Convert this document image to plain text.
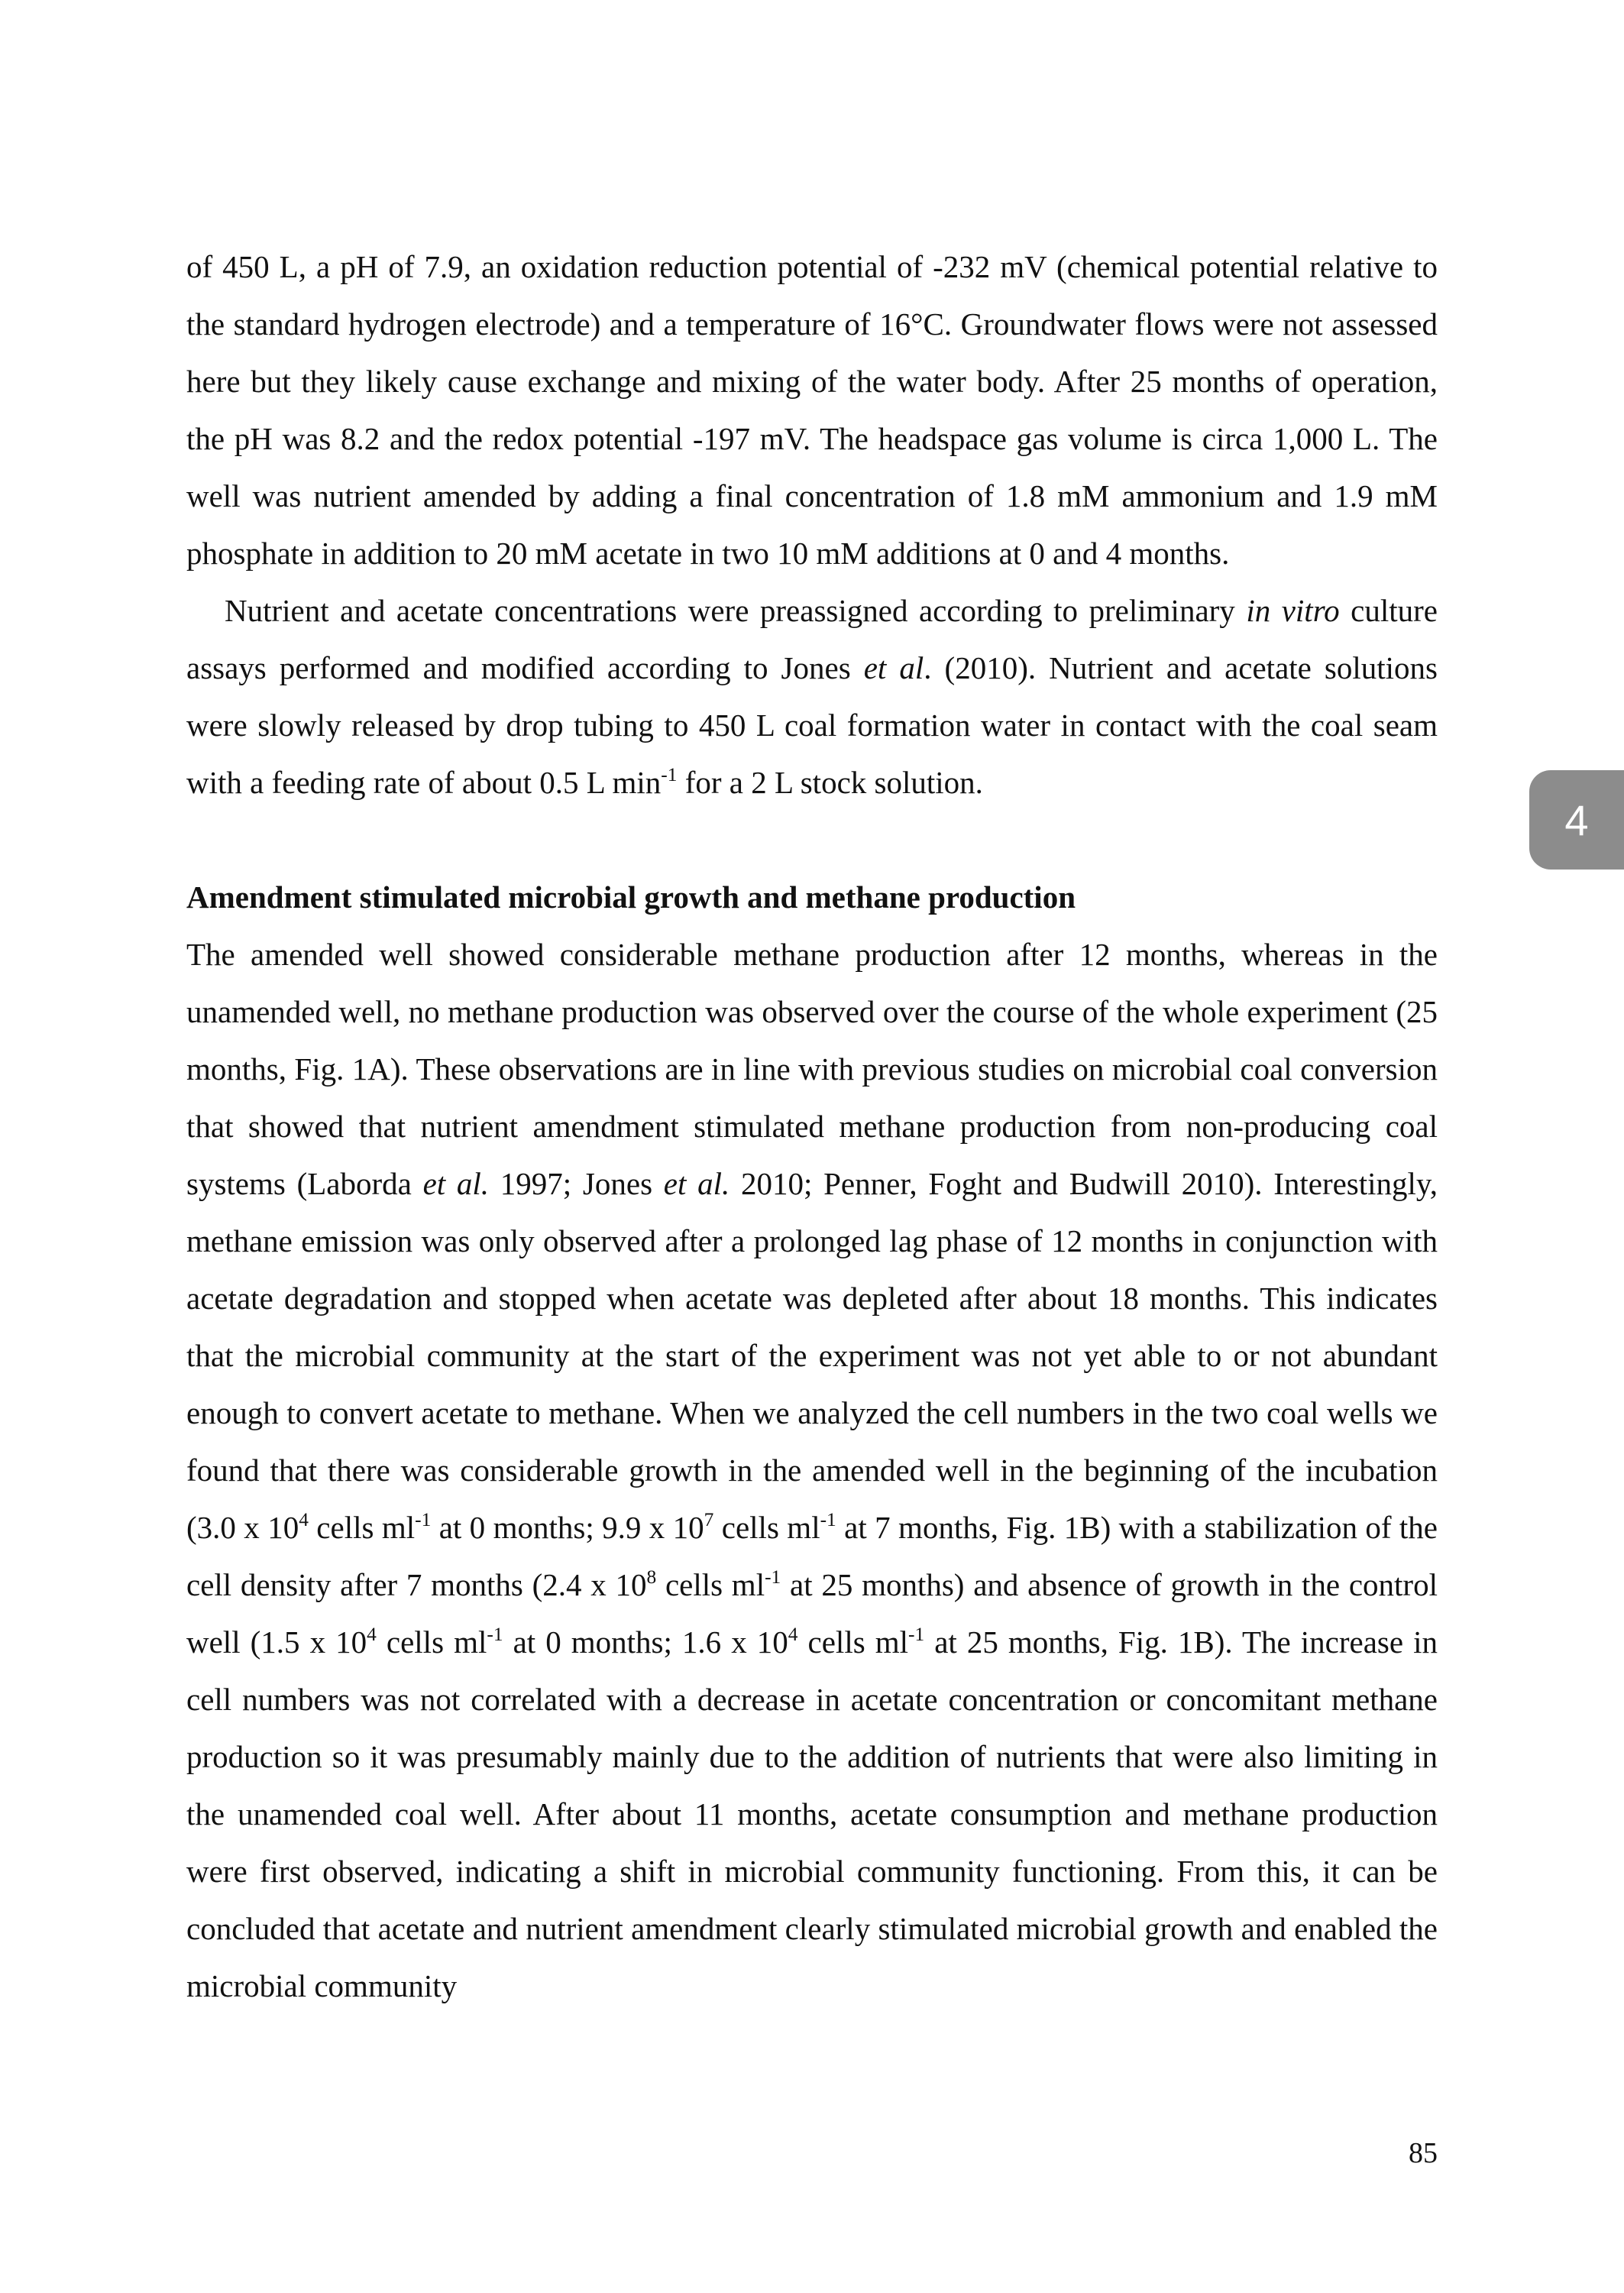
4

of 450 L, a pH of 7.9, an oxidation reduction potential of -232 mV (chemical potential relative to the standard hydrogen electrode) and a temperature of 16°C. Groundwater flows were not assessed here but they likely cause exchange and mixing of the water body. After 25 months of operation, the pH was 8.2 and the redox potential -197 mV. The headspace gas volume is circa 1,000 L. The well was nutrient amended by adding a final concentration of 1.8 mM ammonium and 1.9 mM phosphate in addition to 20 mM acetate in two 10 mM additions at 0 and 4 months.

Nutrient and acetate concentrations were preassigned according to preliminary in vitro culture assays performed and modified according to Jones et al. (2010). Nutrient and acetate solutions were slowly released by drop tubing to 450 L coal formation water in contact with the coal seam with a feeding rate of about 0.5 L $\min^{-1}$ for a 2 L stock solution.

Amendment stimulated microbial growth and methane production

The amended well showed considerable methane production after 12 months, whereas in the unamended well, no methane production was observed over the course of the whole experiment (25 months, Fig. 1A). These observations are in line with previous studies on microbial coal conversion that showed that nutrient amendment stimulated methane production from non-producing coal systems (Laborda et al. 1997; Jones et al. 2010; Penner, Foght and Budwill 2010). Interestingly, methane emission was only observed after a prolonged lag phase of 12 months in conjunction with acetate degradation and stopped when acetate was depleted after about 18 months. This indicates that the microbial community at the start of the experiment was not yet able to or not abundant enough to convert acetate to methane. When we analyzed the cell numbers in the two coal wells we found that there was considerable growth in the amended well in the beginning of the incubation (3.0 x $10^4$ cells $ml^{-1}$ at 0 months; 9.9 x $10^7$ cells $ml^{-1}$ at 7 months, Fig. 1B) with a stabilization of the cell density after 7 months (2.4 x $10^8$ cells $ml^{-1}$ at 25 months) and absence of growth in the control well (1.5 x $10^4$ cells $ml^{-1}$ at 0 months; 1.6 x $10^4$ cells $ml^{-1}$ at 25 months, Fig. 1B). The increase in cell numbers was not correlated with a decrease in acetate concentration or concomitant methane production so it was presumably mainly due to the addition of nutrients that were also limiting in the unamended coal well. After about 11 months, acetate consumption and methane production were first observed, indicating a shift in microbial community functioning. From this, it can be concluded that acetate and nutrient amendment clearly stimulated microbial growth and enabled the microbial community

85
